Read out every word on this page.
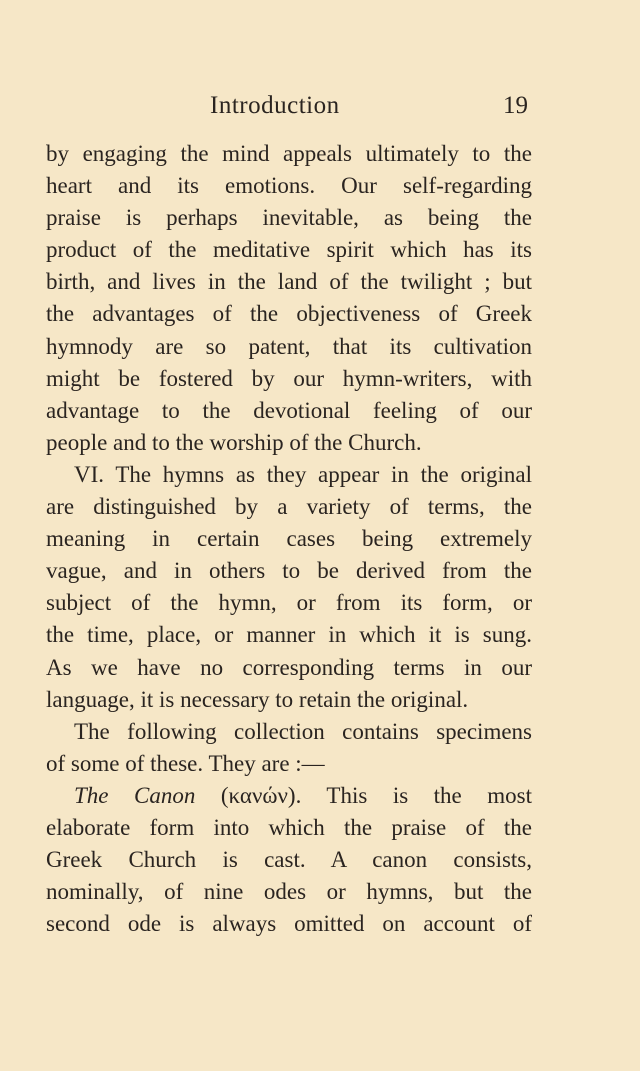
Introduction	19
by engaging the mind appeals ultimately to the
heart and its emotions. Our self-regarding
praise is perhaps inevitable, as being the
product of the meditative spirit which has its
birth, and lives in the land of the twilight ; but
the advantages of the objectiveness of Greek
hymnody are so patent, that its cultivation
might be fostered by our hymn-writers, with
advantage to the devotional feeling of our
people and to the worship of the Church.
VI. The hymns as they appear in the original
are distinguished by a variety of terms, the
meaning in certain cases being extremely
vague, and in others to be derived from the
subject of the hymn, or from its form, or
the time, place, or manner in which it is sung.
As we have no corresponding terms in our
language, it is necessary to retain the original.
The following collection contains specimens
of some of these. They are :—
The Canon (κανών). This is the most
elaborate form into which the praise of the
Greek Church is cast. A canon consists,
nominally, of nine odes or hymns, but the
second ode is always omitted on account of
